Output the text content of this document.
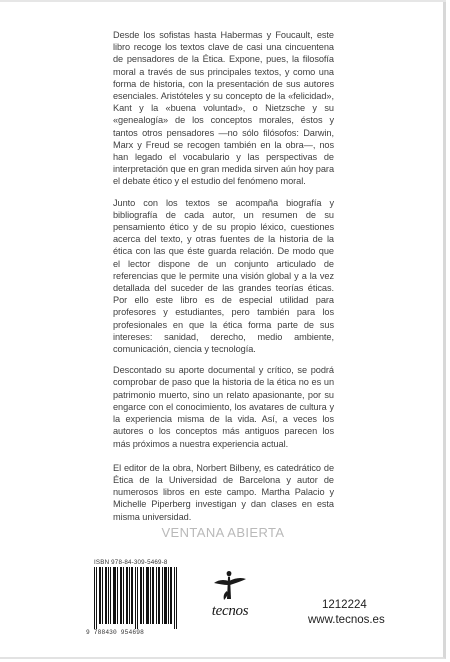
Desde los sofistas hasta Habermas y Foucault, este libro recoge los textos clave de casi una cincuentena de pensadores de la Ética. Expone, pues, la filosofía moral a través de sus principales textos, y como una forma de historia, con la presentación de sus autores esenciales. Aristóteles y su concepto de la «felicidad», Kant y la «buena voluntad», o Nietzsche y su «genealogía» de los conceptos morales, éstos y tantos otros pensadores —no sólo filósofos: Darwin, Marx y Freud se recogen también en la obra—, nos han legado el vocabulario y las perspectivas de interpretación que en gran medida sirven aún hoy para el debate ético y el estudio del fenómeno moral.

Junto con los textos se acompaña biografía y bibliografía de cada autor, un resumen de su pensamiento ético y de su propio léxico, cuestiones acerca del texto, y otras fuentes de la historia de la ética con las que éste guarda relación. De modo que el lector dispone de un conjunto articulado de referencias que le permite una visión global y a la vez detallada del suceder de las grandes teorías éticas. Por ello este libro es de especial utilidad para profesores y estudiantes, pero también para los profesionales en que la ética forma parte de sus intereses: sanidad, derecho, medio ambiente, comunicación, ciencia y tecnología.

Descontado su aporte documental y crítico, se podrá comprobar de paso que la historia de la ética no es un patrimonio muerto, sino un relato apasionante, por su engarce con el conocimiento, los avatares de cultura y la experiencia misma de la vida. Así, a veces los autores o los conceptos más antiguos parecen los más próximos a nuestra experiencia actual.

El editor de la obra, Norbert Bilbeny, es catedrático de Ética de la Universidad de Barcelona y autor de numerosos libros en este campo. Martha Palacio y Michelle Piperberg investigan y dan clases en esta misma universidad.

VENTANA ABIERTA
ISBN 978-84-309-5469-8
9 788430 954698
tecnos	1212224
www.tecnos.es
